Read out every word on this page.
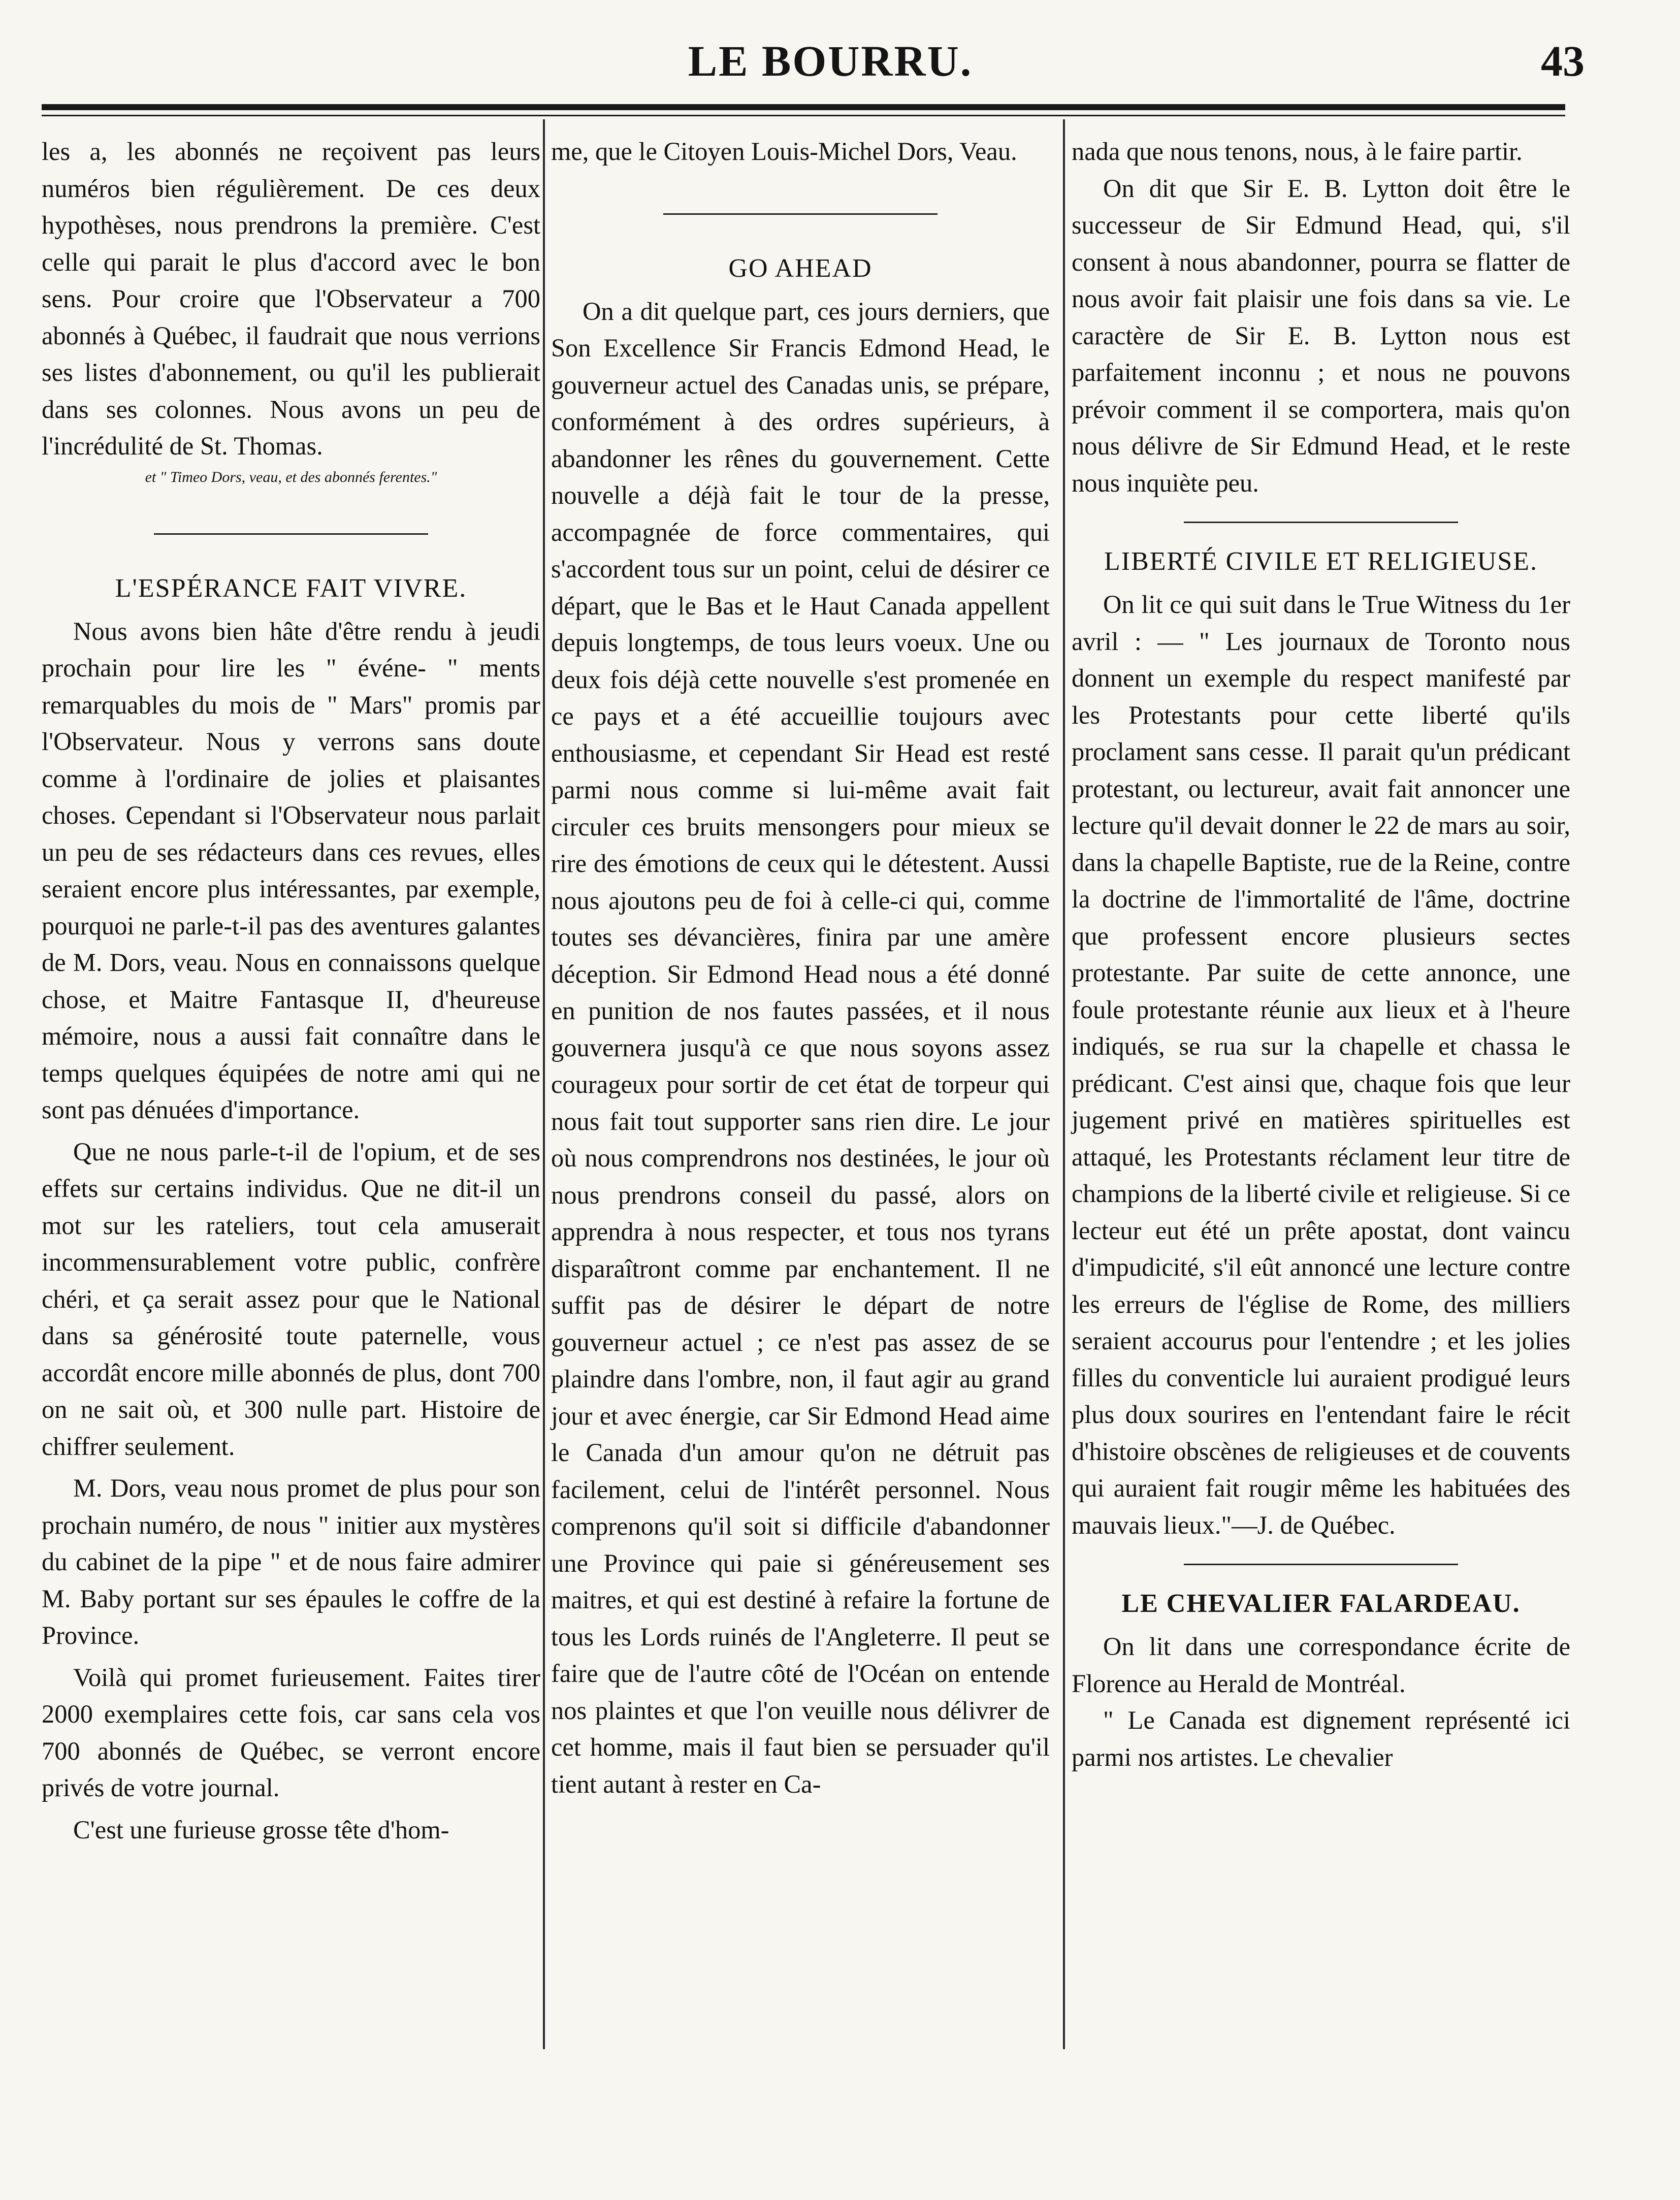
LE BOURRU.	43

les a, les abonnés ne reçoivent pas leurs numéros bien régulièrement. De ces deux hypothèses, nous prendrons la première. C'est celle qui parait le plus d'accord avec le bon sens. Pour croire que l'Observateur a 700 abonnés à Québec, il faudrait que nous verrions ses listes d'abonnement, ou qu'il les publierait dans ses colonnes. Nous avons un peu de l'incrédulité de St. Thomas.

et " Timeo Dors, veau, et des abonnés ferentes."

L'ESPÉRANCE FAIT VIVRE.

Nous avons bien hâte d'être rendu à jeudi prochain pour lire les " événe- " ments remarquables du mois de " Mars" promis par l'Observateur. Nous y verrons sans doute comme à l'ordinaire de jolies et plaisantes choses. Cependant si l'Observateur nous parlait un peu de ses rédacteurs dans ces revues, elles seraient encore plus intéressantes, par exemple, pourquoi ne parle-t-il pas des aventures galantes de M. Dors, veau. Nous en connaissons quelque chose, et Maitre Fantasque II, d'heureuse mémoire, nous a aussi fait connaître dans le temps quelques équipées de notre ami qui ne sont pas dénuées d'importance.

Que ne nous parle-t-il de l'opium, et de ses effets sur certains individus. Que ne dit-il un mot sur les rateliers, tout cela amuserait incommensurablement votre public, confrère chéri, et ça serait assez pour que le National dans sa générosité toute paternelle, vous accordât encore mille abonnés de plus, dont 700 on ne sait où, et 300 nulle part. Histoire de chiffrer seulement.

M. Dors, veau nous promet de plus pour son prochain numéro, de nous " initier aux mystères du cabinet de la pipe " et de nous faire admirer M. Baby portant sur ses épaules le coffre de la Province.

Voilà qui promet furieusement. Faites tirer 2000 exemplaires cette fois, car sans cela vos 700 abonnés de Québec, se verront encore privés de votre journal.

C'est une furieuse grosse tête d'hom-

me, que le Citoyen Louis-Michel Dors, Veau.

GO AHEAD

On a dit quelque part, ces jours derniers, que Son Excellence Sir Francis Edmond Head, le gouverneur actuel des Canadas unis, se prépare, conformément à des ordres supérieurs, à abandonner les rênes du gouvernement. Cette nouvelle a déjà fait le tour de la presse, accompagnée de force commentaires, qui s'accordent tous sur un point, celui de désirer ce départ, que le Bas et le Haut Canada appellent depuis longtemps, de tous leurs voeux. Une ou deux fois déjà cette nouvelle s'est promenée en ce pays et a été accueillie toujours avec enthousiasme, et cependant Sir Head est resté parmi nous comme si lui-même avait fait circuler ces bruits mensongers pour mieux se rire des émotions de ceux qui le détestent. Aussi nous ajoutons peu de foi à celle-ci qui, comme toutes ses dévancières, finira par une amère déception. Sir Edmond Head nous a été donné en punition de nos fautes passées, et il nous gouvernera jusqu'à ce que nous soyons assez courageux pour sortir de cet état de torpeur qui nous fait tout supporter sans rien dire. Le jour où nous comprendrons nos destinées, le jour où nous prendrons conseil du passé, alors on apprendra à nous respecter, et tous nos tyrans disparaîtront comme par enchantement. Il ne suffit pas de désirer le départ de notre gouverneur actuel ; ce n'est pas assez de se plaindre dans l'ombre, non, il faut agir au grand jour et avec énergie, car Sir Edmond Head aime le Canada d'un amour qu'on ne détruit pas facilement, celui de l'intérêt personnel. Nous comprenons qu'il soit si difficile d'abandonner une Province qui paie si généreusement ses maitres, et qui est destiné à refaire la fortune de tous les Lords ruinés de l'Angleterre. Il peut se faire que de l'autre côté de l'Océan on entende nos plaintes et que l'on veuille nous délivrer de cet homme, mais il faut bien se persuader qu'il tient autant à rester en Ca-

nada que nous tenons, nous, à le faire partir.

On dit que Sir E. B. Lytton doit être le successeur de Sir Edmund Head, qui, s'il consent à nous abandonner, pourra se flatter de nous avoir fait plaisir une fois dans sa vie. Le caractère de Sir E. B. Lytton nous est parfaitement inconnu ; et nous ne pouvons prévoir comment il se comportera, mais qu'on nous délivre de Sir Edmund Head, et le reste nous inquiète peu.

LIBERTÉ CIVILE ET RELIGIEUSE.

On lit ce qui suit dans le True Witness du 1er avril : — " Les journaux de Toronto nous donnent un exemple du respect manifesté par les Protestants pour cette liberté qu'ils proclament sans cesse. Il parait qu'un prédicant protestant, ou lectureur, avait fait annoncer une lecture qu'il devait donner le 22 de mars au soir, dans la chapelle Baptiste, rue de la Reine, contre la doctrine de l'immortalité de l'âme, doctrine que professent encore plusieurs sectes protestante. Par suite de cette annonce, une foule protestante réunie aux lieux et à l'heure indiqués, se rua sur la chapelle et chassa le prédicant. C'est ainsi que, chaque fois que leur jugement privé en matières spirituelles est attaqué, les Protestants réclament leur titre de champions de la liberté civile et religieuse. Si ce lecteur eut été un prête apostat, dont vaincu d'impudicité, s'il eût annoncé une lecture contre les erreurs de l'église de Rome, des milliers seraient accourus pour l'entendre ; et les jolies filles du conventicle lui auraient prodigué leurs plus doux sourires en l'entendant faire le récit d'histoire obscènes de religieuses et de couvents qui auraient fait rougir même les habituées des mauvais lieux."—J. de Québec.

LE CHEVALIER FALARDEAU.

On lit dans une correspondance écrite de Florence au Herald de Montréal.

" Le Canada est dignement représenté ici parmi nos artistes. Le chevalier
